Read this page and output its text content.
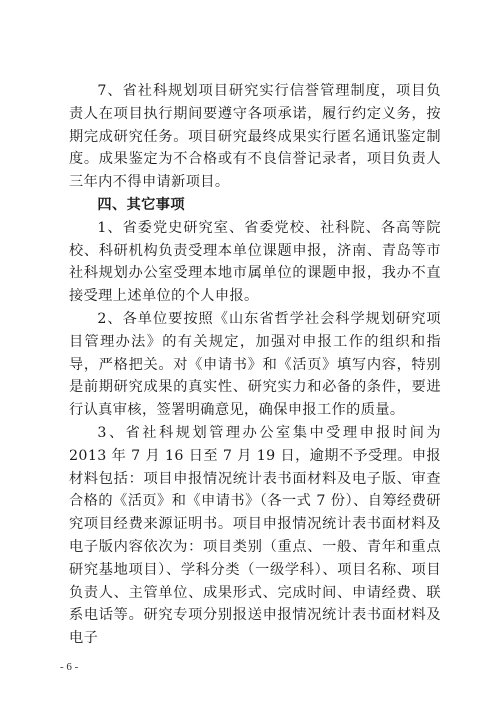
7、省社科规划项目研究实行信誉管理制度，项目负责人在项目执行期间要遵守各项承诺，履行约定义务，按期完成研究任务。项目研究最终成果实行匿名通讯鉴定制度。成果鉴定为不合格或有不良信誉记录者，项目负责人三年内不得申请新项目。

四、其它事项

1、省委党史研究室、省委党校、社科院、各高等院校、科研机构负责受理本单位课题申报，济南、青岛等市社科规划办公室受理本地市属单位的课题申报，我办不直接受理上述单位的个人申报。

2、各单位要按照《山东省哲学社会科学规划研究项目管理办法》的有关规定，加强对申报工作的组织和指导，严格把关。对《申请书》和《活页》填写内容，特别是前期研究成果的真实性、研究实力和必备的条件，要进行认真审核，签署明确意见，确保申报工作的质量。

3、省社科规划管理办公室集中受理申报时间为 2013 年 7 月 16 日至 7 月 19 日，逾期不予受理。申报材料包括：项目申报情况统计表书面材料及电子版、审查合格的《活页》和《申请书》（各一式 7 份）、自筹经费研究项目经费来源证明书。项目申报情况统计表书面材料及电子版内容依次为：项目类别（重点、一般、青年和重点研究基地项目）、学科分类（一级学科）、项目名称、项目负责人、主管单位、成果形式、完成时间、申请经费、联系电话等。研究专项分别报送申报情况统计表书面材料及电子

- 6 -
